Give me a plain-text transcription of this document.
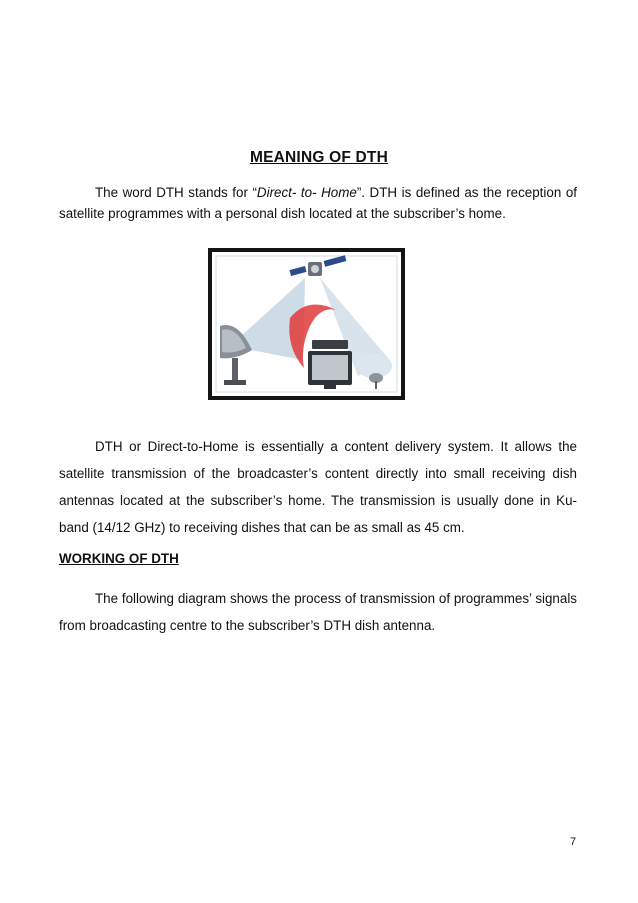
MEANING OF DTH

The word DTH stands for “Direct- to- Home”. DTH is defined as the reception of satellite programmes with a personal dish located at the subscriber’s home.

DTH or Direct-to-Home is essentially a content delivery system. It allows the satellite transmission of the broadcaster’s content directly into small receiving dish antennas located at the subscriber’s home. The transmission is usually done in Ku-band (14/12 GHz) to receiving dishes that can be as small as 45 cm.

WORKING OF DTH

The following diagram shows the process of transmission of programmes’ signals from broadcasting centre to the subscriber’s DTH dish antenna.

7
